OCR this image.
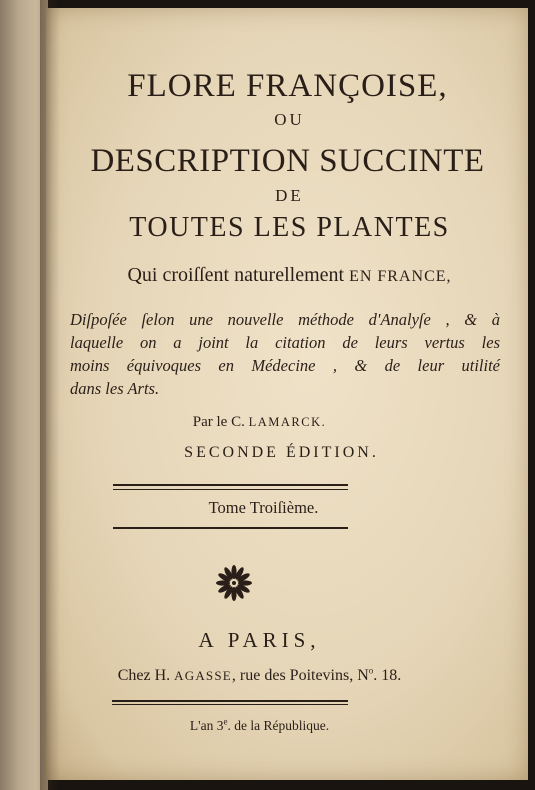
FLORE FRANÇOISE,
OU
DESCRIPTION SUCCINTE
DE
TOUTES LES PLANTES
Qui croiſſent naturellement EN FRANCE,
Diſpoſée ſelon une nouvelle méthode d'Analyſe , & à
laquelle on a joint la citation de leurs vertus les
moins équivoques en Médecine , & de leur utilité
dans les Arts.
Par le C. LAMARCK.
SECONDE ÉDITION.
Tome Troiſième.
A PARIS,
Chez H. AGASSE, rue des Poitevins, $N^o$. 18.
L'an 3e. de la République.
